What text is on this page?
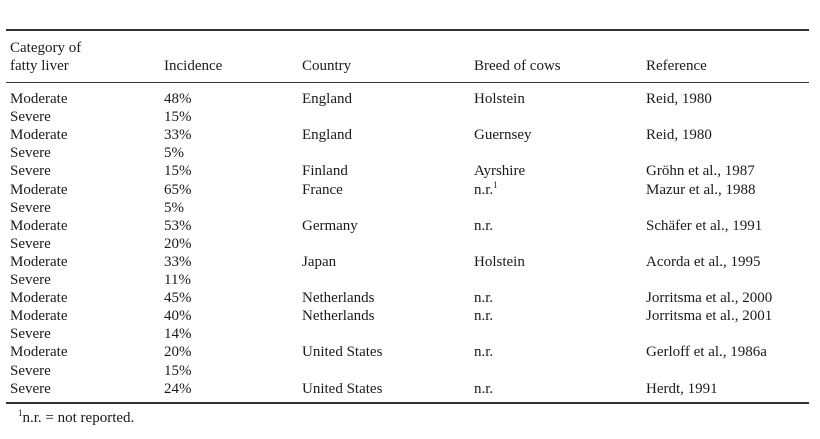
Category of
fatty liver	Incidence	Country	Breed of cows	Reference
Moderate	48%	England	Holstein	Reid, 1980
Severe	15%
Moderate	33%	England	Guernsey	Reid, 1980
Severe	5%
Severe	15%	Finland	Ayrshire	Gröhn et al., 1987
Moderate	65%	France	n.r.$^1$	Mazur et al., 1988
Severe	5%
Moderate	53%	Germany	n.r.	Schäfer et al., 1991
Severe	20%
Moderate	33%	Japan	Holstein	Acorda et al., 1995
Severe	11%
Moderate	45%	Netherlands	n.r.	Jorritsma et al., 2000
Moderate	40%	Netherlands	n.r.	Jorritsma et al., 2001
Severe	14%
Moderate	20%	United States	n.r.	Gerloff et al., 1986a
Severe	15%
Severe	24%	United States	n.r.	Herdt, 1991
$^1$n.r. = not reported.
